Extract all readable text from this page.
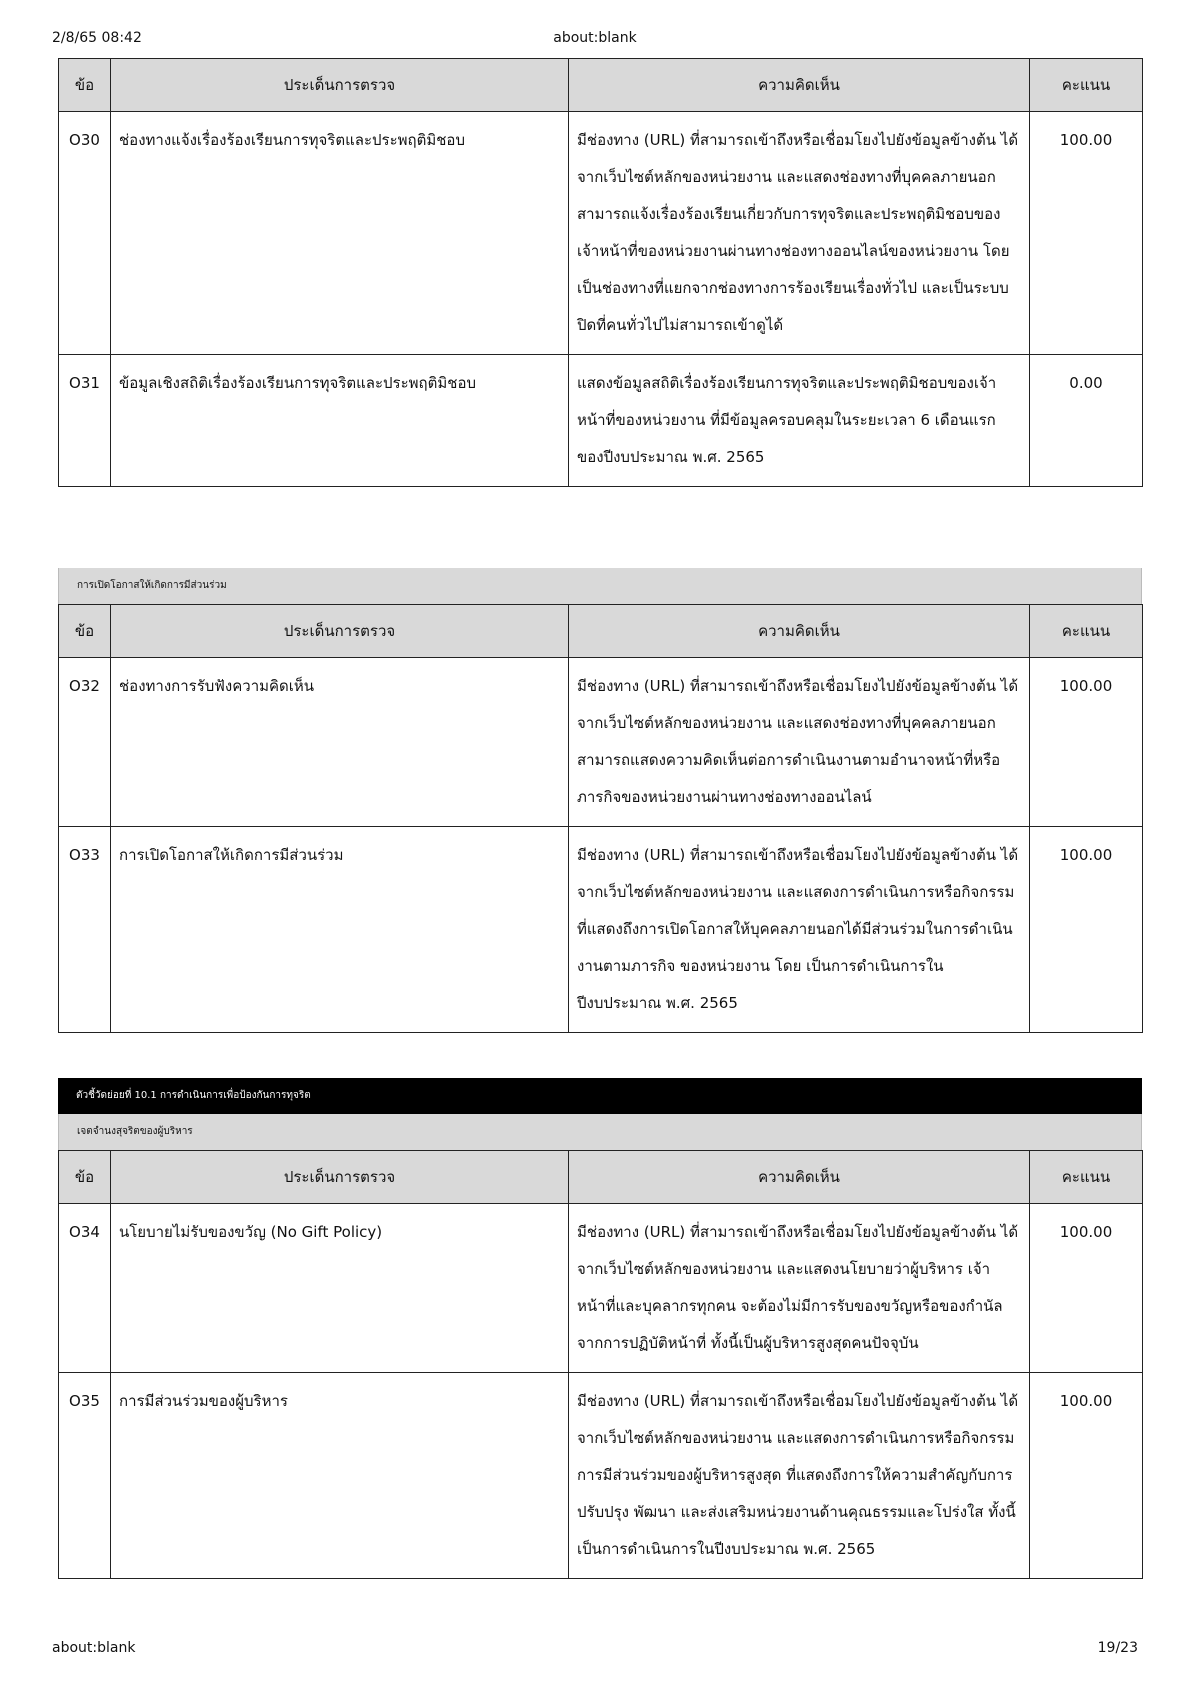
2/8/65 08:42	about:blank
ข้อ	ประเด็นการตรวจ	ความคิดเห็น	คะแนน
O30	ช่องทางแจ้งเรื่องร้องเรียนการทุจริตและประพฤติมิชอบ	มีช่องทาง (URL) ที่สามารถเข้าถึงหรือเชื่อมโยงไปยังข้อมูลข้างต้น ได้จากเว็บไซต์หลักของหน่วยงาน และแสดงช่องทางที่บุคคลภายนอกสามารถแจ้งเรื่องร้องเรียนเกี่ยวกับการทุจริตและประพฤติมิชอบของเจ้าหน้าที่ของหน่วยงานผ่านทางช่องทางออนไลน์ของหน่วยงาน โดย เป็นช่องทางที่แยกจากช่องทางการร้องเรียนเรื่องทั่วไป และเป็นระบบปิดที่คนทั่วไปไม่สามารถเข้าดูได้	100.00
O31	ข้อมูลเชิงสถิติเรื่องร้องเรียนการทุจริตและประพฤติมิชอบ	แสดงข้อมูลสถิติเรื่องร้องเรียนการทุจริตและประพฤติมิชอบของเจ้าหน้าที่ของหน่วยงาน ที่มีข้อมูลครอบคลุมในระยะเวลา 6 เดือนแรกของปีงบประมาณ พ.ศ. 2565	0.00
การเปิดโอกาสให้เกิดการมีส่วนร่วม
ข้อ	ประเด็นการตรวจ	ความคิดเห็น	คะแนน
O32	ช่องทางการรับฟังความคิดเห็น	มีช่องทาง (URL) ที่สามารถเข้าถึงหรือเชื่อมโยงไปยังข้อมูลข้างต้น ได้จากเว็บไซต์หลักของหน่วยงาน และแสดงช่องทางที่บุคคลภายนอกสามารถแสดงความคิดเห็นต่อการดำเนินงานตามอำนาจหน้าที่หรือภารกิจของหน่วยงานผ่านทางช่องทางออนไลน์	100.00
O33	การเปิดโอกาสให้เกิดการมีส่วนร่วม	มีช่องทาง (URL) ที่สามารถเข้าถึงหรือเชื่อมโยงไปยังข้อมูลข้างต้น ได้จากเว็บไซต์หลักของหน่วยงาน และแสดงการดำเนินการหรือกิจกรรมที่แสดงถึงการเปิดโอกาสให้บุคคลภายนอกได้มีส่วนร่วมในการดำเนินงานตามภารกิจ ของหน่วยงาน โดย เป็นการดำเนินการในปีงบประมาณ พ.ศ. 2565	100.00
ตัวชี้วัดย่อยที่ 10.1 การดำเนินการเพื่อป้องกันการทุจริต
เจตจำนงสุจริตของผู้บริหาร
ข้อ	ประเด็นการตรวจ	ความคิดเห็น	คะแนน
O34	นโยบายไม่รับของขวัญ (No Gift Policy)	มีช่องทาง (URL) ที่สามารถเข้าถึงหรือเชื่อมโยงไปยังข้อมูลข้างต้น ได้จากเว็บไซต์หลักของหน่วยงาน และแสดงนโยบายว่าผู้บริหาร เจ้าหน้าที่และบุคลากรทุกคน จะต้องไม่มีการรับของขวัญหรือของกำนัลจากการปฏิบัติหน้าที่ ทั้งนี้เป็นผู้บริหารสูงสุดคนปัจจุบัน	100.00
O35	การมีส่วนร่วมของผู้บริหาร	มีช่องทาง (URL) ที่สามารถเข้าถึงหรือเชื่อมโยงไปยังข้อมูลข้างต้น ได้จากเว็บไซต์หลักของหน่วยงาน และแสดงการดำเนินการหรือกิจกรรมการมีส่วนร่วมของผู้บริหารสูงสุด ที่แสดงถึงการให้ความสำคัญกับการปรับปรุง พัฒนา และส่งเสริมหน่วยงานด้านคุณธรรมและโปร่งใส ทั้งนี้ เป็นการดำเนินการในปีงบประมาณ พ.ศ. 2565	100.00
about:blank	19/23
